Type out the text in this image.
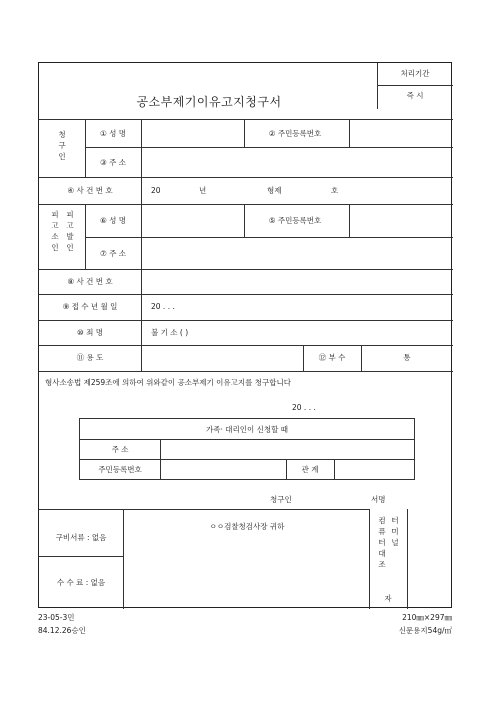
공소부제기이유고지청구서
처리기간
즉 시
청
구
인
① 성 명	② 주민등록번호
③ 주 소
④ 사 건 번 호	20	년	형제	호
피
고
소
인
피
고
발
인
⑥ 성 명	⑤ 주민등록번호
⑦ 주 소
⑧ 사 건 번 호
⑨ 접 수 년 월 일	20 . . .
⑩ 죄 명	불 기 소 ( )
⑪ 용 도	⑫ 부 수	통
형사소송법 제259조에 의하여 위와같이 공소부제기 이유고지를 청구합니다
20 . . .
가족· 대리인이 신청할 때
주 소
주민등록번호	관 계
청구인	서명
ㅇㅇ검찰청검사장 귀하
구비서류 : 없음
수 수 료 : 없음
컴
퓨
터
대
조
터
미
널

자
23-05-3민
84.12.26승인
210㎜×297㎜
신문용지54g/㎡
